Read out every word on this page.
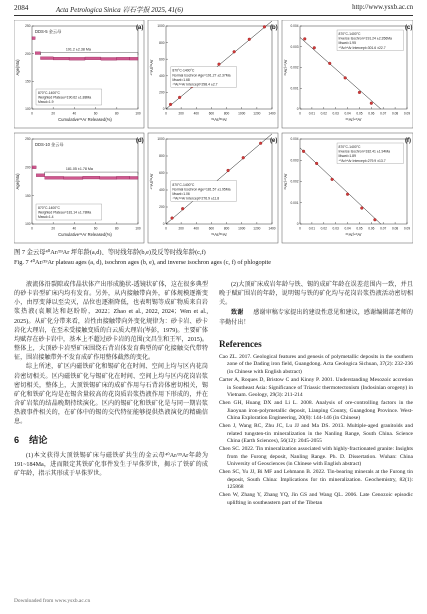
2084	Acta Petrologica Sinica 岩石学报 2025, 41(6)	http://www.ysxb.ac.cn
(a)
0	20	40	60	80	100
100
150
200
250
Cumulative³⁹Ar Released(%)
Age(Ma)
DDS-5 金云母
191.2 ±2.38 Ma
870°C-1400°C
Weighted Plateau=190.62 ±1.88Ma
Mswd=1.9
(b)
0	200	400	600	800	1000	1200	1400
0
200
400
600
800
1000
³⁹Ar/³⁶Ar
⁴⁰Ar/³⁶Ar	870°C-1400°C
Normal Isochron Age=191.27 ±2.37Ma
Mswd=1.68
⁴⁰Ar/³⁶Ar Intercept=298.4 ±2.7
(c)
0 0.01 0.02 0.03 0.04 0.05 0.06 0.07 0.08 0.09
0
0.001
0.002
0.003
0.004
³⁹Ar/⁴⁰Ar
³⁶Ar/⁴⁰Ar
870°C-1400°C
Inverse Isochron=191.24 ±2.356Ma
Mswd=1.95
⁴⁰Ar/³⁶Ar Intercept=301.6 ±22.7
(d)
0	20	40	60	80	100
100
150
200
250
Cumulative³⁹Ar Released(%)
Age(Ma)
DDS-10 金云母
181.05 ±1.78 Ma
870°C-1400°C
Weighted Plateau=181.14 ±1.78Ma
Mswd=1.4
(e)
0	200	400	600	800	1000	1200	1400
0
200
400
600
800
1000
³⁹Ar/³⁶Ar
⁴⁰Ar/³⁶Ar	870°C-1400°C
Normal Isochron Age=181.57 ±1.95Ma
Mswd=1.06
⁴⁰Ar/³⁶Ar Intercept=276.9 ±11.8
(f)
0 0.01 0.02 0.03 0.04 0.05 0.06 0.07 0.08 0.09
0
0.001
0.002
0.003
0.004
³⁹Ar/⁴⁰Ar
³⁶Ar/⁴⁰Ar
870°C-1400°C
Inverse Isochron=182.41 ±1.94Ma
Mswd=1.89
⁴⁰Ar/³⁶Ar Intercept=279.9 ±13.7
图 7 金云母⁴⁰Ar/³⁹Ar 坪年龄(a,d)、等时线年龄(b,e)及反等时线年龄(c,f)
Fig. 7 ⁴⁰Ar/³⁹Ar plateau ages (a, d), isochron ages (b, e), and inverse isochron ages (c, f) of phlogopite

液流体沿裂隙或伟晶状体产出形成脆状-透镜状矿体，这在很多典型的砂卡岩型矿床内均有发育。另外，从内接触带向外，矿体规模逐渐变小，由厚变薄以至尖灭，品位也逐渐降低，也表明锡等成矿物质来自岩浆热液(袁顺达和赵盼盼，2022；Zhao et al., 2022, 2024；Wen et al., 2025)。从矿化分带来看，岩性由接触带向外变化规律为：砂卡岩、砂卡岩化大理岩，在至未受接触变质的白云质大理岩(岑彭，1979)。主要矿体均赋存在砂卡岩中，基本上不超过砂卡岩的范围(文昌生和王军，2015)。整体上，大顶砂卡岩型矿床围绕石背岩体发育典型的矿化接触交代带特征，围岩接触带外不发育成矿作用整体截然的变化。

综上所述，矿区内磁铁矿化和锡矿化在时间、空间上均与区内花岗岩密切相关。区内磁铁矿化与锡矿化在时间、空间上均与区内花岗岩浆密切相关，整体上，大顶铁锡矿床的成矿作用与石背岩体密切相关，锡矿化和铁矿化均是在锡含量较高的花岗质岩浆热液作用下形成的，并在含矿岩浆的结晶晚期持续演化。区内的锡矿化和铁矿化是与同一期岩浆热液事件相关的，在矿体中的锡的交代特征能够提供热液演化的精确信息。

6 结论

(1)本文获得大顶铁锡矿床与磁铁矿共生的金云母⁴⁰Ar/³⁹Ar年龄为191~184Ma，进而限定其铁矿化事件发生于早侏罗世，揭示了铁矿的成矿年龄，指示其形成于早侏罗世。

(2)大顶矿床成岩年龄与铁、锡的成矿年龄在误差范围内一致，并且晚于赋矿围岩的年龄，说明锡与铁的矿化均与花岗岩浆热液活动密切相关。

致谢 感谢审稿专家提出的建设性意见和建议，感谢编辑部老师的辛勤付出！

References
Cao ZL. 2017. Geological features and genesis of polymetallic deposits in the southern zone of the Dading iron field, Guangdong. Acta Geologica Sichuan, 37(2): 232-236 (in Chinese with English abstract)
Carter A, Roques D, Bristow C and Kinny P. 2001. Understanding Mesozoic accretion in Southeast Asia: Significance of Triassic thermotectonism (Indosinian orogeny) in Vietnam. Geology, 29(3): 211-214
Chen GH, Huang DX and Li L. 2008. Analysis of ore-controlling factors in the Jiaoyuan iron-polymetallic deposit, Lianping County, Guangdong Province. West-China Exploration Engineering, 20(8): 144-146 (in Chinese)
Chen J, Wang RC, Zhu JC, Lu JJ and Ma DS. 2013. Multiple-aged granitoids and related tungsten-tin mineralization in the Nanling Range, South China. Science China (Earth Sciences), 56(12): 2045-2055
Chen SC. 2022. Tin mineralization associated with highly-fractionated granite: Insights from the Furong deposit, Nanling Range. Ph. D. Dissertation. Wuhan: China University of Geosciences (in Chinese with English abstract)
Chen SC, Yu JJ, Bi MF and Lehmann B. 2022. Tin-bearing minerals at the Furong tin deposit, South China: Implications for tin mineralization. Geochemistry, 82(1): 125868
Chen W, Zhang Y, Zhang YQ, Jin GS and Wang QL. 2006. Late Cenozoic episodic uplifting in southeastern part of the Tibetan
Downloaded from www.ysxb.ac.cn
